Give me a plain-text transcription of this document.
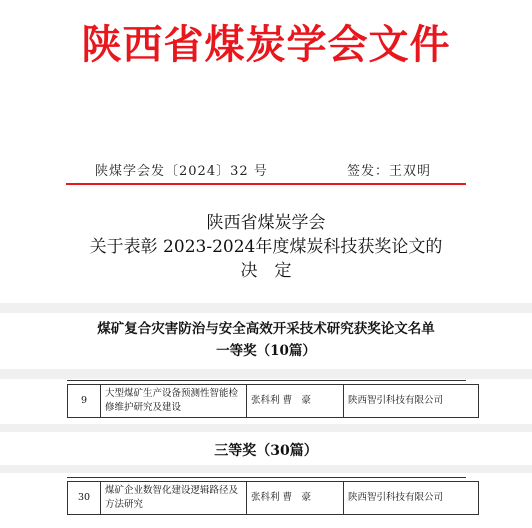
陕西省煤炭学会文件
陕煤学会发〔2024〕32 号	签发：王双明
陕西省煤炭学会
关于表彰 2023-2024年度煤炭科技获奖论文的
决　定
煤矿复合灾害防治与安全高效开采技术研究获奖论文名单
一等奖（10篇）
9	大型煤矿生产设备预测性智能检修维护研究及建设	张科利 曹　豪	陕西智引科技有限公司
三等奖（30篇）
30	煤矿企业数智化建设逻辑路径及方法研究	张科利 曹　豪	陕西智引科技有限公司
